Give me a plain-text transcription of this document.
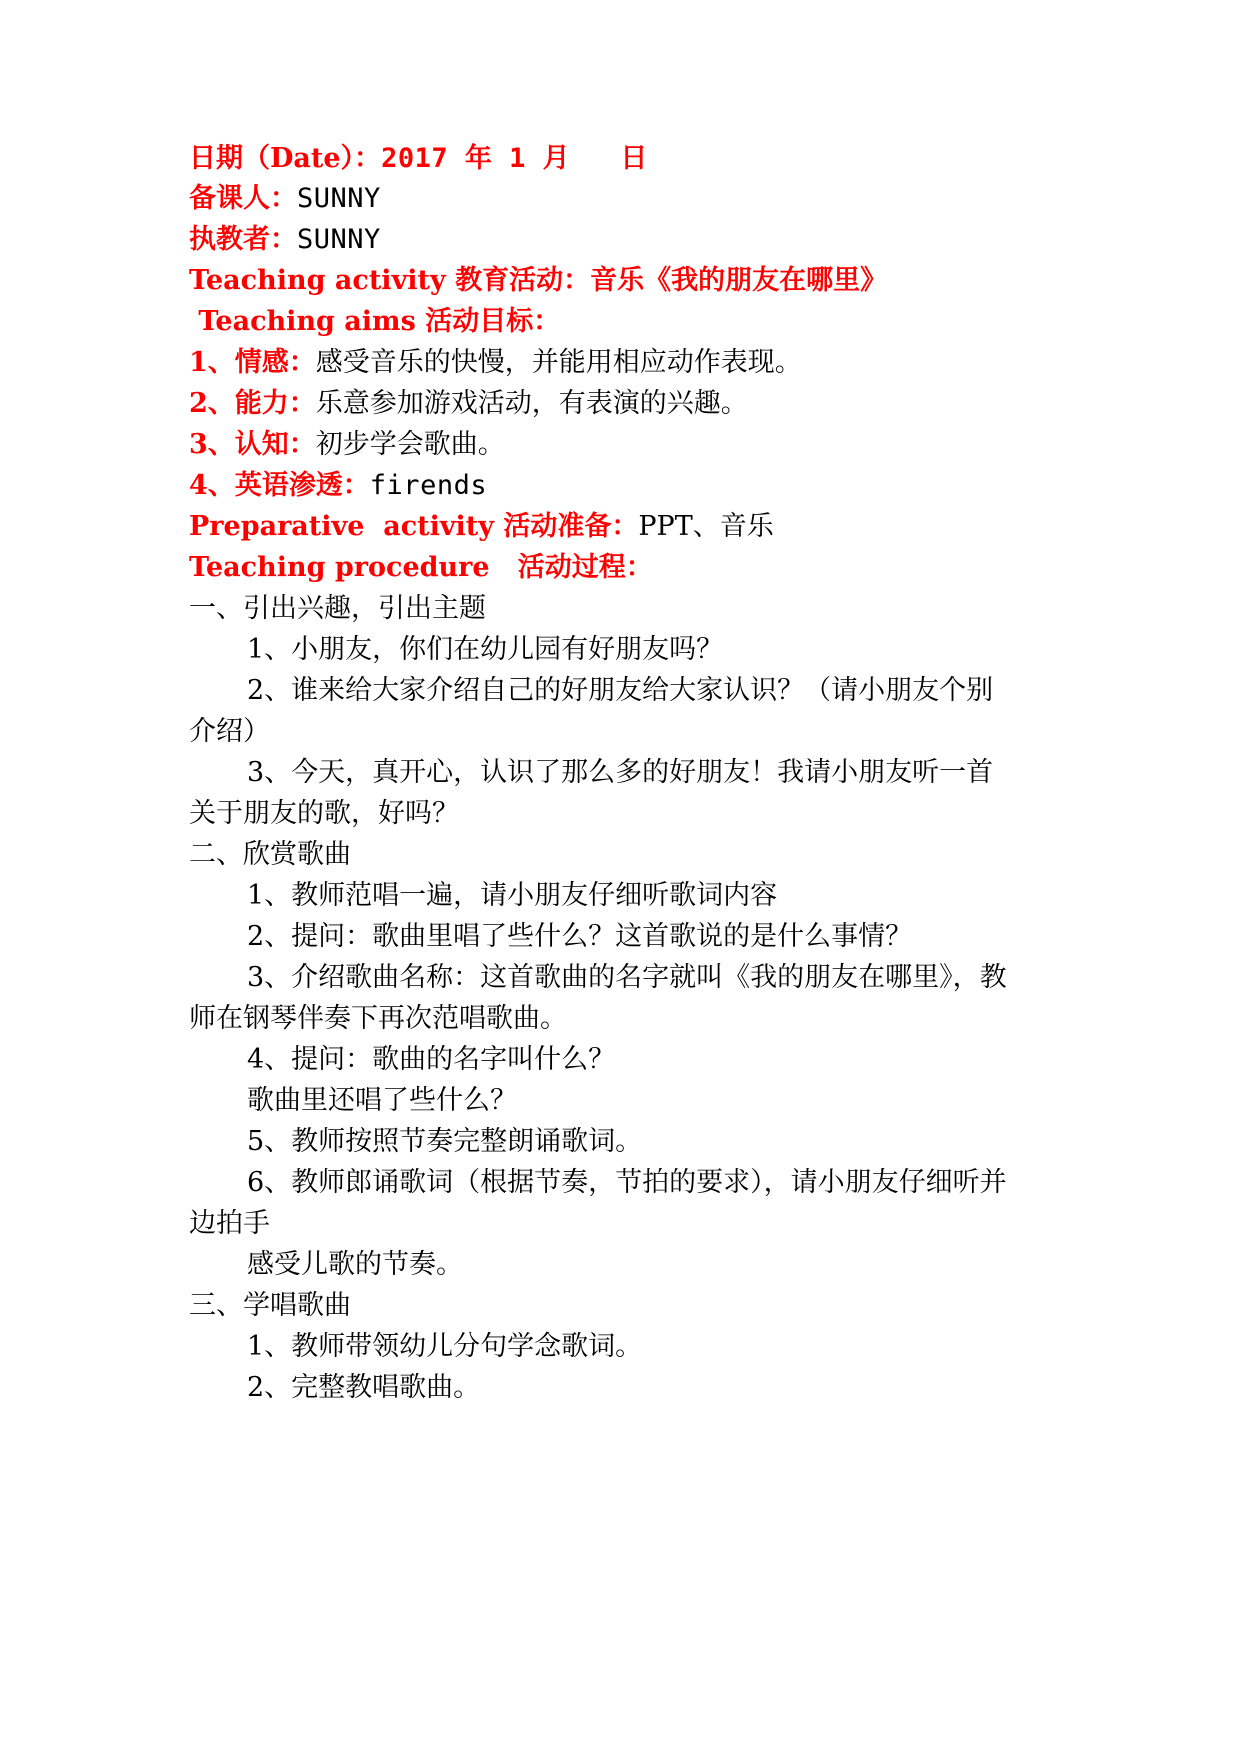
日期（Date）：2017 年 1 月   日
备课人：SUNNY
执教者：SUNNY
Teaching activity 教育活动：音乐《我的朋友在哪里》
Teaching aims 活动目标：
1、情感：感受音乐的快慢，并能用相应动作表现。
2、能力：乐意参加游戏活动，有表演的兴趣。
3、认知：初步学会歌曲。
4、英语渗透：firends
Preparative  activity 活动准备：PPT、音乐
Teaching procedure   活动过程：
一、引出兴趣，引出主题
1、小朋友，你们在幼儿园有好朋友吗？
2、谁来给大家介绍自己的好朋友给大家认识？（请小朋友个别
介绍）
3、今天，真开心，认识了那么多的好朋友！我请小朋友听一首
关于朋友的歌，好吗？
二、欣赏歌曲
1、教师范唱一遍，请小朋友仔细听歌词内容
2、提问：歌曲里唱了些什么？这首歌说的是什么事情？
3、介绍歌曲名称：这首歌曲的名字就叫《我的朋友在哪里》，教
师在钢琴伴奏下再次范唱歌曲。
4、提问：歌曲的名字叫什么？
歌曲里还唱了些什么？
5、教师按照节奏完整朗诵歌词。
6、教师郎诵歌词（根据节奏，节拍的要求），请小朋友仔细听并
边拍手
感受儿歌的节奏。
三、学唱歌曲
1、教师带领幼儿分句学念歌词。
2、完整教唱歌曲。
